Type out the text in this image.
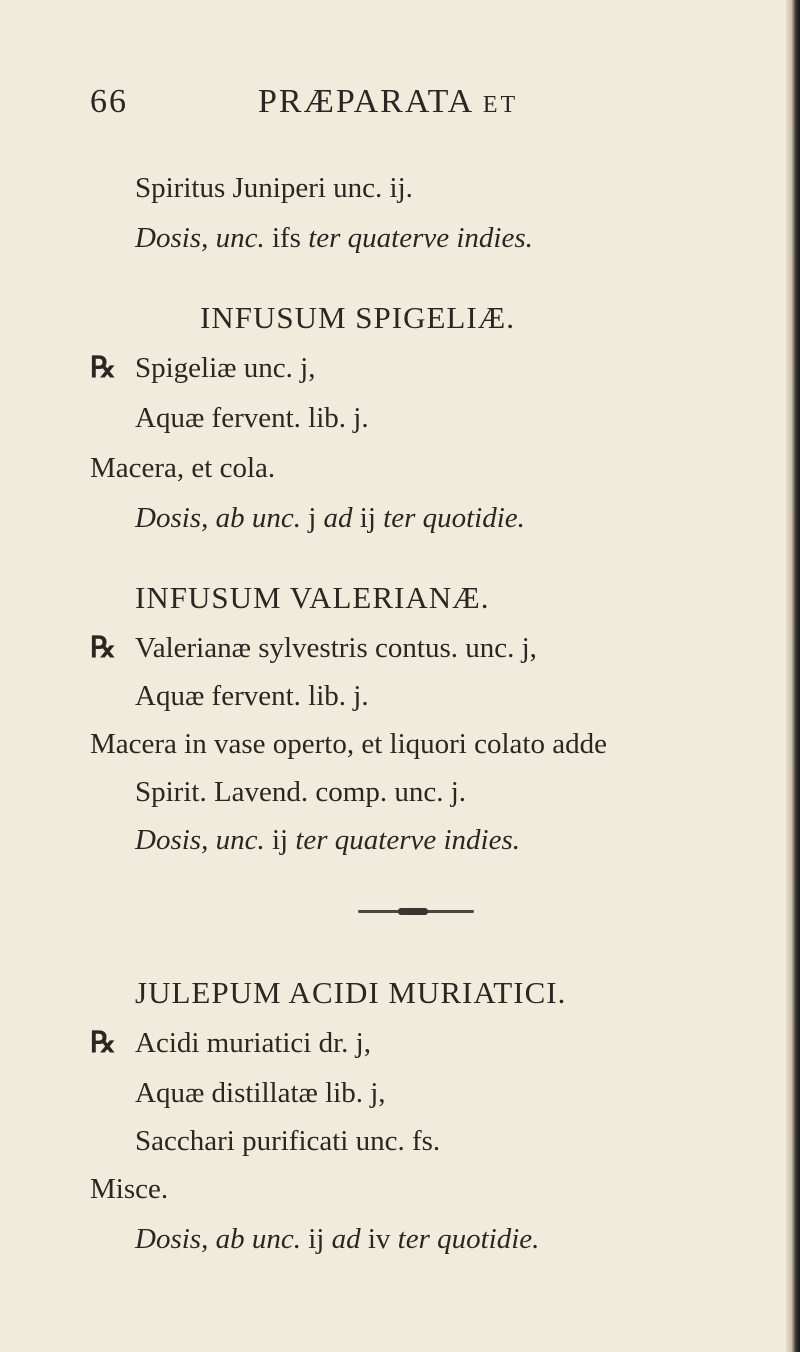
66	PRÆPARATA ET
Spiritus Juniperi unc. ij.
Dosis, unc. ifs ter quaterve indies.
INFUSUM SPIGELIÆ.
℞ Spigeliæ unc. j,
Aquæ fervent. lib. j.
Macera, et cola.
Dosis, ab unc. j ad ij ter quotidie.
INFUSUM VALERIANÆ.
℞ Valerianæ sylvestris contus. unc. j,
Aquæ fervent. lib. j.
Macera in vase operto, et liquori colato adde
Spirit. Lavend. comp. unc. j.
Dosis, unc. ij ter quaterve indies.
JULEPUM ACIDI MURIATICI.
℞ Acidi muriatici dr. j,
Aquæ distillatæ lib. j,
Sacchari purificati unc. fs.
Misce.
Dosis, ab unc. ij ad iv ter quotidie.
